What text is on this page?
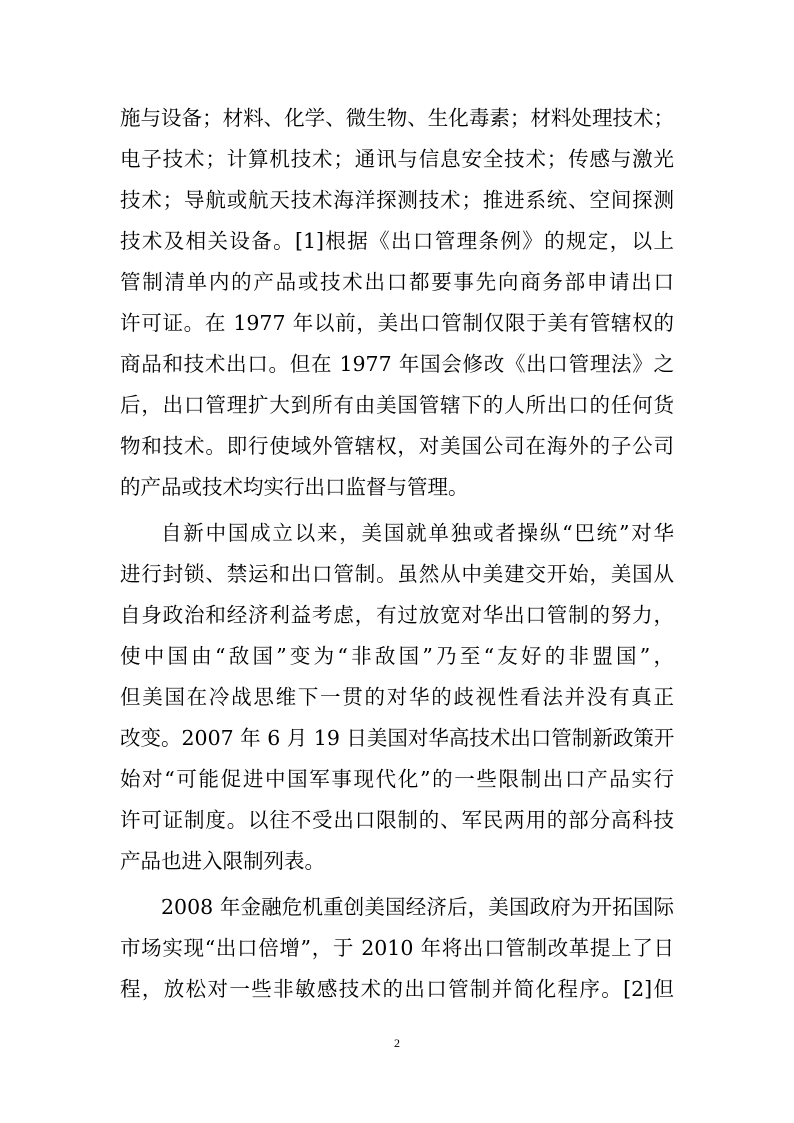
施与设备；材料、化学、微生物、生化毒素；材料处理技术；
电子技术；计算机技术；通讯与信息安全技术；传感与激光
技术；导航或航天技术海洋探测技术；推进系统、空间探测
技术及相关设备。[1]根据《出口管理条例》的规定，以上
管制清单内的产品或技术出口都要事先向商务部申请出口
许可证。在 1977 年以前，美出口管制仅限于美有管辖权的
商品和技术出口。但在 1977 年国会修改《出口管理法》之
后，出口管理扩大到所有由美国管辖下的人所出口的任何货
物和技术。即行使域外管辖权，对美国公司在海外的子公司
的产品或技术均实行出口监督与管理。
自新中国成立以来，美国就单独或者操纵“巴统”对华
进行封锁、禁运和出口管制。虽然从中美建交开始，美国从
自身政治和经济利益考虑，有过放宽对华出口管制的努力，
使中国由“敌国”变为“非敌国”乃至“友好的非盟国”，
但美国在冷战思维下一贯的对华的歧视性看法并没有真正
改变。2007 年 6 月 19 日美国对华高技术出口管制新政策开
始对“可能促进中国军事现代化”的一些限制出口产品实行
许可证制度。以往不受出口限制的、军民两用的部分高科技
产品也进入限制列表。
2008 年金融危机重创美国经济后，美国政府为开拓国际
市场实现“出口倍增”，于 2010 年将出口管制改革提上了日
程，放松对一些非敏感技术的出口管制并简化程序。[2]但
2
